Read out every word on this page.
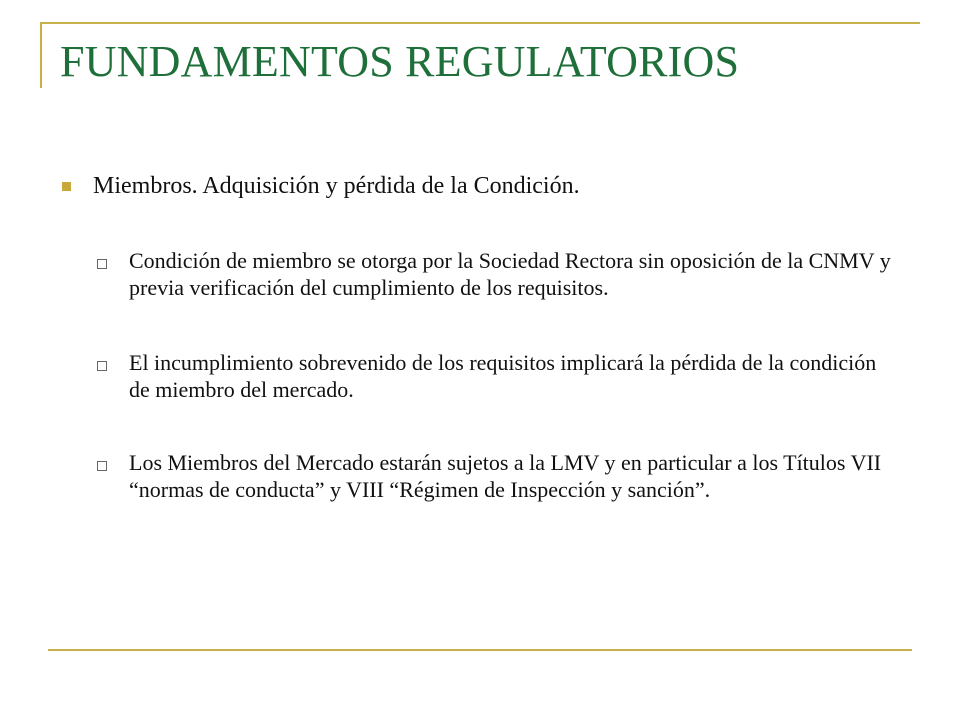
FUNDAMENTOS REGULATORIOS
Miembros. Adquisición y pérdida de la Condición.
Condición de miembro se otorga por la Sociedad Rectora sin oposición de la CNMV y previa verificación del cumplimiento de los requisitos.
El incumplimiento sobrevenido de los requisitos implicará la pérdida de la condición de miembro del mercado.
Los Miembros del Mercado estarán sujetos a la LMV y en particular a los Títulos VII “normas de conducta” y VIII “Régimen de Inspección y sanción”.
